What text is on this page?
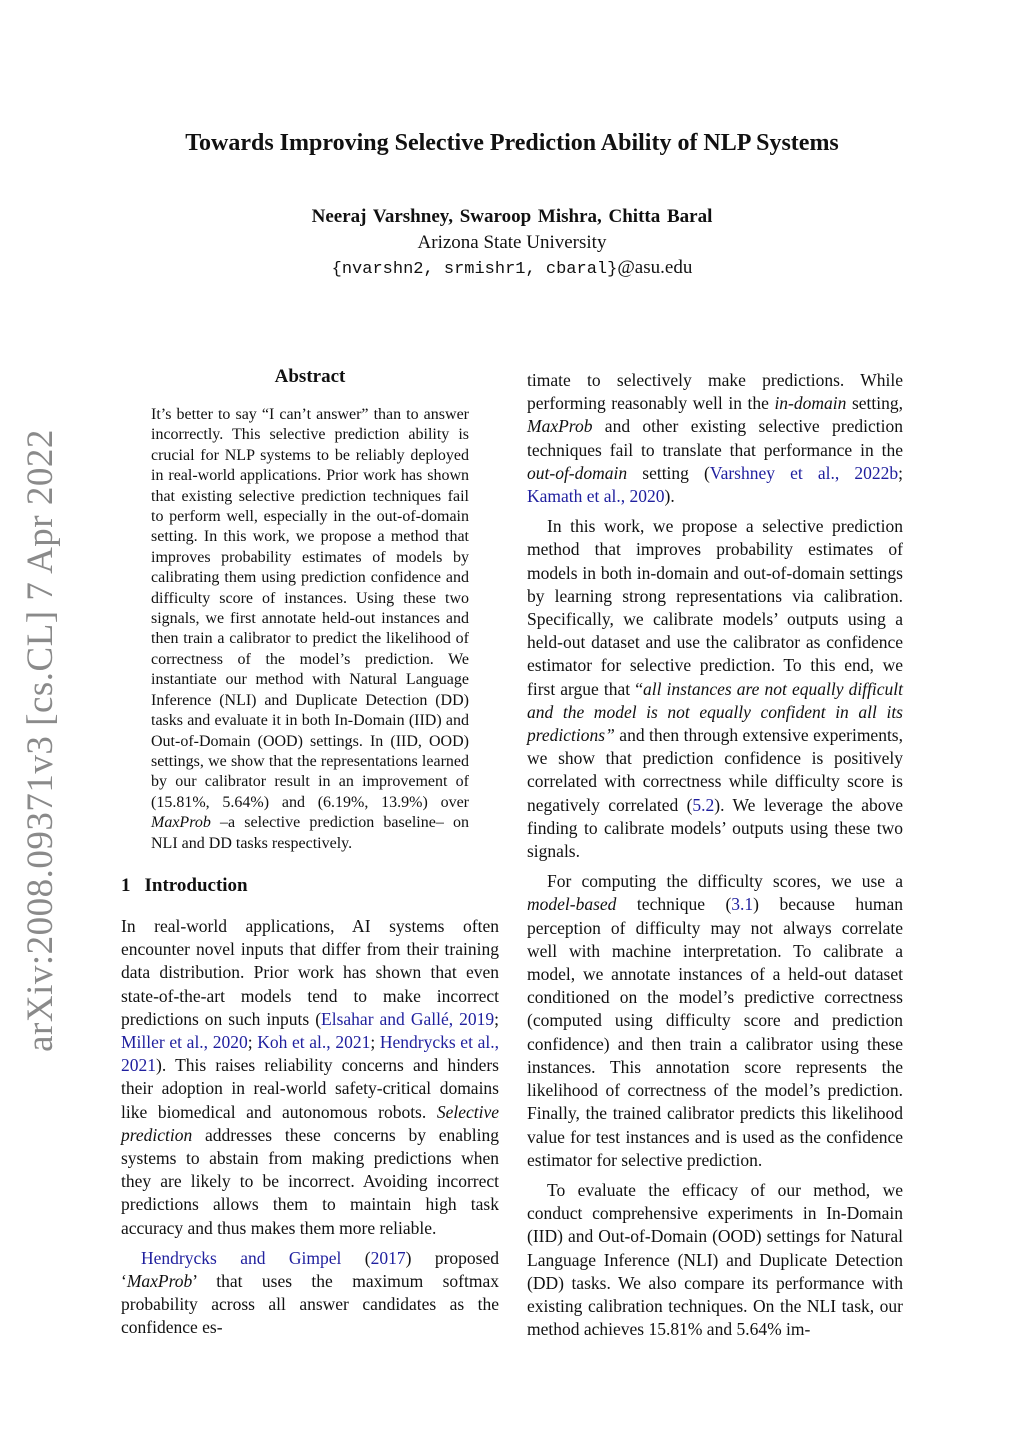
arXiv:2008.09371v3 [cs.CL] 7 Apr 2022
Towards Improving Selective Prediction Ability of NLP Systems
Neeraj Varshney, Swaroop Mishra, Chitta Baral
Arizona State University
{nvarshn2, srmishr1, cbaral}@asu.edu
Abstract

It’s better to say “I can’t answer” than to answer incorrectly. This selective prediction ability is crucial for NLP systems to be reliably deployed in real-world applications. Prior work has shown that existing selective prediction techniques fail to perform well, especially in the out-of-domain setting. In this work, we propose a method that improves probability estimates of models by calibrating them using prediction confidence and difficulty score of instances. Using these two signals, we first annotate held-out instances and then train a calibrator to predict the likelihood of correctness of the model’s prediction. We instantiate our method with Natural Language Inference (NLI) and Duplicate Detection (DD) tasks and evaluate it in both In-Domain (IID) and Out-of-Domain (OOD) settings. In (IID, OOD) settings, we show that the representations learned by our calibrator result in an improvement of (15.81%, 5.64%) and (6.19%, 13.9%) over MaxProb –a selective prediction baseline– on NLI and DD tasks respectively.

1 Introduction

In real-world applications, AI systems often encounter novel inputs that differ from their training data distribution. Prior work has shown that even state-of-the-art models tend to make incorrect predictions on such inputs (Elsahar and Gallé, 2019; Miller et al., 2020; Koh et al., 2021; Hendrycks et al., 2021). This raises reliability concerns and hinders their adoption in real-world safety-critical domains like biomedical and autonomous robots. Selective prediction addresses these concerns by enabling systems to abstain from making predictions when they are likely to be incorrect. Avoiding incorrect predictions allows them to maintain high task accuracy and thus makes them more reliable.

Hendrycks and Gimpel (2017) proposed ‘MaxProb’ that uses the maximum softmax probability across all answer candidates as the confidence es-

timate to selectively make predictions. While performing reasonably well in the in-domain setting, MaxProb and other existing selective prediction techniques fail to translate that performance in the out-of-domain setting (Varshney et al., 2022b; Kamath et al., 2020).

In this work, we propose a selective prediction method that improves probability estimates of models in both in-domain and out-of-domain settings by learning strong representations via calibration. Specifically, we calibrate models’ outputs using a held-out dataset and use the calibrator as confidence estimator for selective prediction. To this end, we first argue that “all instances are not equally difficult and the model is not equally confident in all its predictions” and then through extensive experiments, we show that prediction confidence is positively correlated with correctness while difficulty score is negatively correlated (5.2). We leverage the above finding to calibrate models’ outputs using these two signals.

For computing the difficulty scores, we use a model-based technique (3.1) because human perception of difficulty may not always correlate well with machine interpretation. To calibrate a model, we annotate instances of a held-out dataset conditioned on the model’s predictive correctness (computed using difficulty score and prediction confidence) and then train a calibrator using these instances. This annotation score represents the likelihood of correctness of the model’s prediction. Finally, the trained calibrator predicts this likelihood value for test instances and is used as the confidence estimator for selective prediction.

To evaluate the efficacy of our method, we conduct comprehensive experiments in In-Domain (IID) and Out-of-Domain (OOD) settings for Natural Language Inference (NLI) and Duplicate Detection (DD) tasks. We also compare its performance with existing calibration techniques. On the NLI task, our method achieves 15.81% and 5.64% im-
